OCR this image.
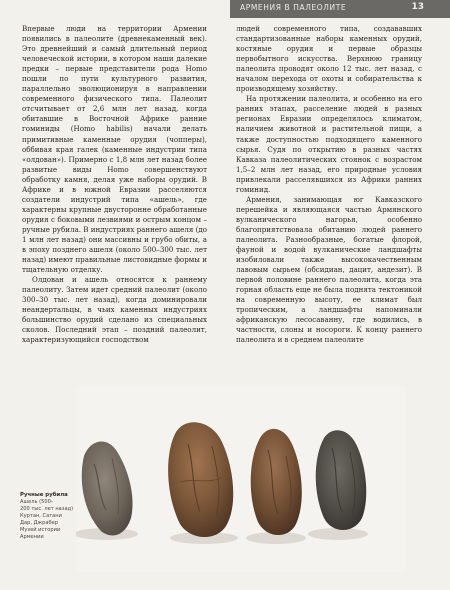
АРМЕНИЯ В ПАЛЕОЛИТЕ	13

Впервые люди на территории Армении появились в палеолите (древнекаменный век). Это древнейший и самый длительный период человеческой истории, в котором наши далекие предки – первые представители рода Homo пошли по пути культурного развития, параллельно эволюционируя в направлении современного физического типа. Палеолит отсчитывает от 2,6 млн лет назад, когда обитавшие в Восточной Африке ранние гоминиды (Homo habilis) начали делать примитивные каменные орудия (чопперы), оббивая края галек (каменные индустрии типа «олдован»). Примерно с 1,8 млн лет назад более развитые виды Homo совершенствуют обработку камня, делая уже наборы орудий. В Африке и в южной Евразии расселяются создатели индустрий типа «ашель», где характерны крупные двусторонне обработанные орудия с боковыми лезвиями и острым концом – ручные рубила. В индустриях раннего ашеля (до 1 млн лет назад) они массивны и грубо обиты, а в эпоху позднего ашеля (около 500–300 тыс. лет назад) имеют правильные листовидные формы и тщательную отделку.

Олдован и ашель относятся к раннему палеолиту. Затем идет средний палеолит (около 300–30 тыс. лет назад), когда доминировали неандертальцы, в чьих каменных индустриях большинство орудий сделано из специальных сколов. Последний этап – поздний палеолит, характеризующийся господством

людей современного типа, создававших стандартизованные наборы каменных орудий, костяные орудия и первые образцы первобытного искусства. Верхнюю границу палеолита проводят около 12 тыс. лет назад, с началом перехода от охоты и собирательства к производящему хозяйству.

На протяжении палеолита, и особенно на его ранних этапах, расселение людей в разных регионах Евразии определялось климатом, наличием животной и растительной пищи, а также доступностью подходящего каменного сырья. Судя по открытию в разных частях Кавказа палеолитических стоянок с возрастом 1,5–2 млн лет назад, его природные условия привлекали расселявшихся из Африки ранних гоминид.

Армения, занимающая юг Кавказского перешейка и являющаяся частью Армянского вулканического нагорья, особенно благоприятствовала обитанию людей раннего палеолита. Разнообразные, богатые флорой, фауной и водой вулканические ландшафты изобиловали также высококачественным лавовым сырьем (обсидиан, дацит, андезит). В первой половине раннего палеолита, когда эта горная область еще не была поднята тектоникой на современную высоту, ее климат был тропическим, а ландшафты напоминали африканскую лесосаванну, где водились, в частности, слоны и носороги. К концу раннего палеолита и в среднем палеолите

Ручные рубила
Ашель (500–
200 тыс. лет назад)
Куртан, Сатани
Дар, Джрабер
Музей истории
Армении
